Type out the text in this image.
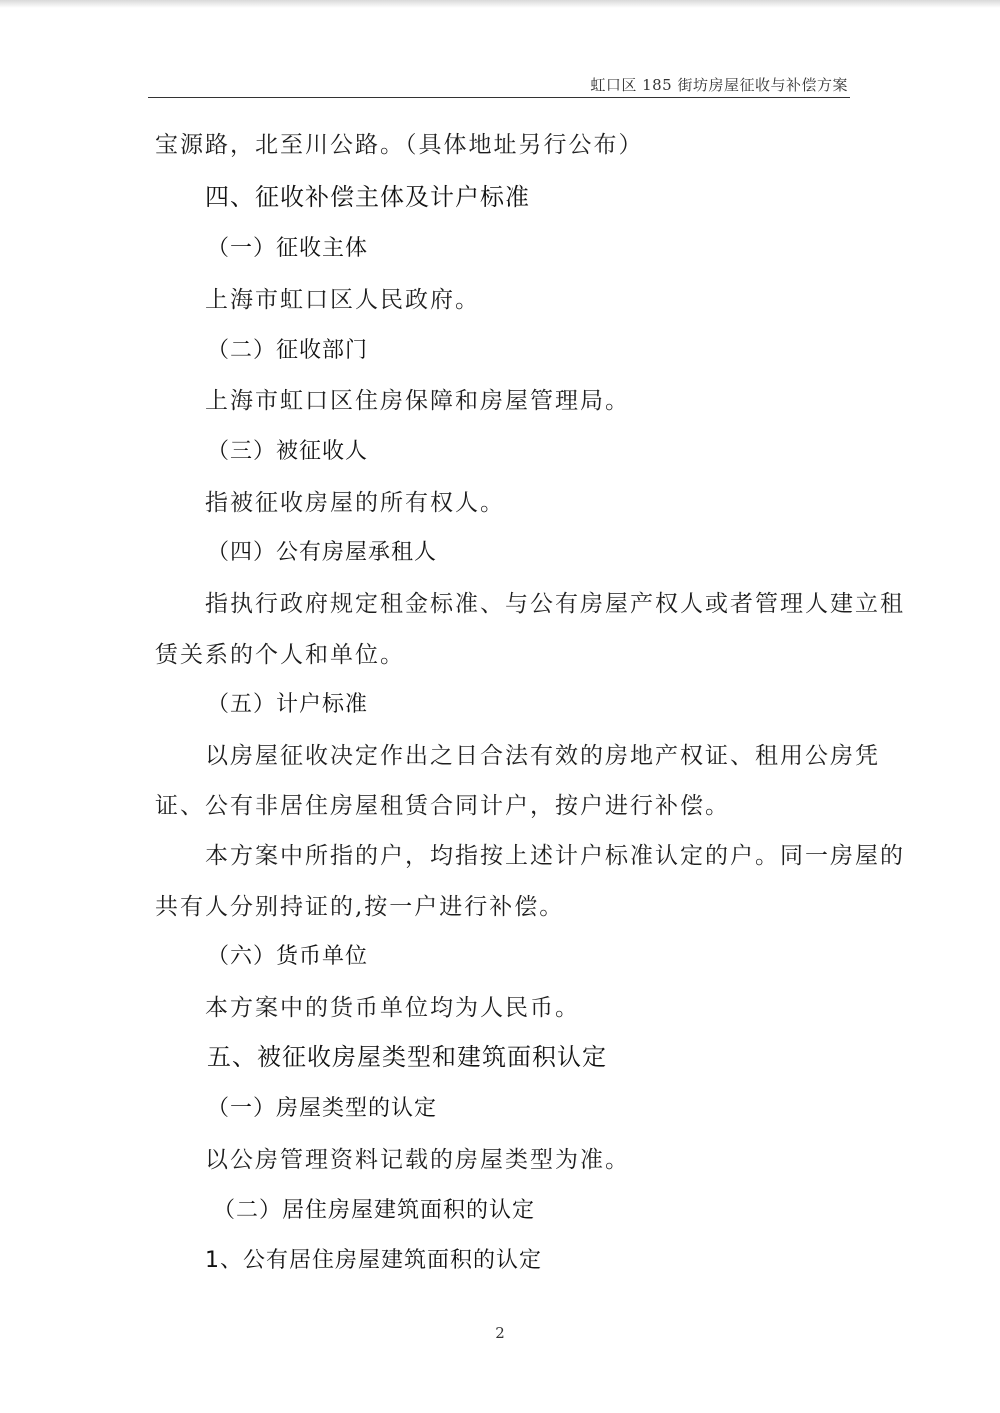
虹口区 185 街坊房屋征收与补偿方案
宝源路，北至川公路。（具体地址另行公布）
四、征收补偿主体及计户标准
（一）征收主体
上海市虹口区人民政府。
（二）征收部门
上海市虹口区住房保障和房屋管理局。
（三）被征收人
指被征收房屋的所有权人。
（四）公有房屋承租人
指执行政府规定租金标准、与公有房屋产权人或者管理人建立租
赁关系的个人和单位。
（五）计户标准
以房屋征收决定作出之日合法有效的房地产权证、租用公房凭
证、公有非居住房屋租赁合同计户，按户进行补偿。
本方案中所指的户，均指按上述计户标准认定的户。同一房屋的
共有人分别持证的,按一户进行补偿。
（六）货币单位
本方案中的货币单位均为人民币。
五、被征收房屋类型和建筑面积认定
（一）房屋类型的认定
以公房管理资料记载的房屋类型为准。
（二）居住房屋建筑面积的认定
1、公有居住房屋建筑面积的认定
2
